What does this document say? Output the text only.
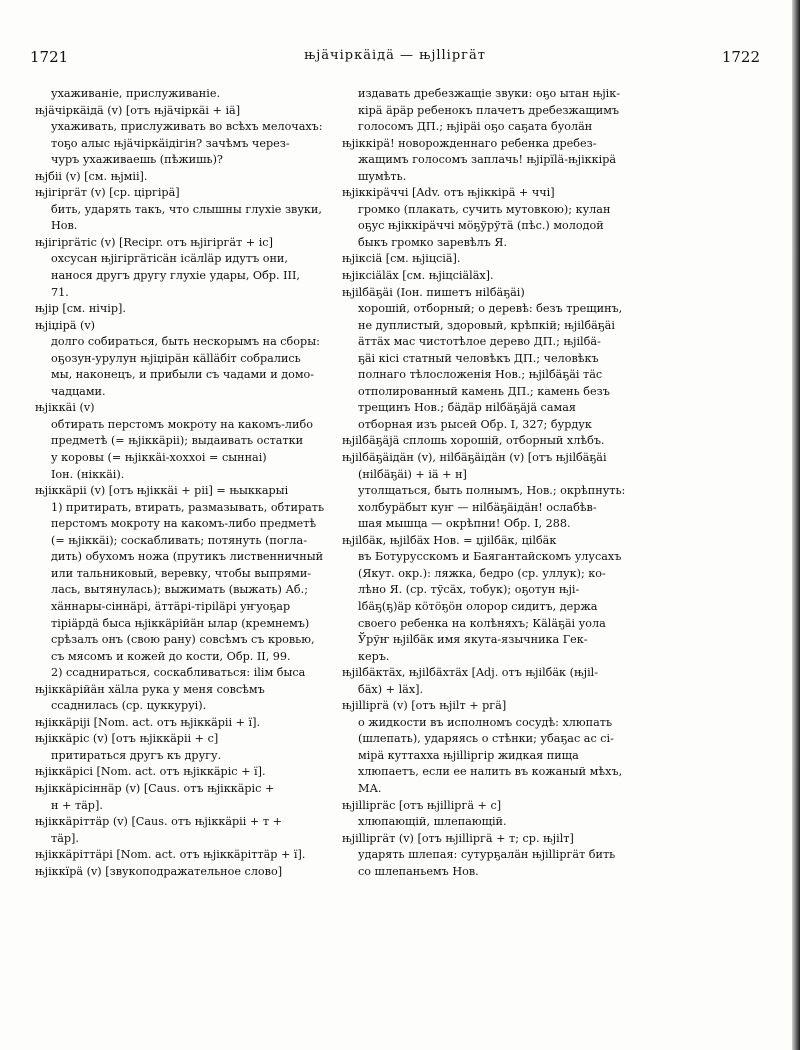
1721	њјäчіркäідä — њјlliргäт	1722
ухаживаніе, прислуживаніе.
њјäчіркäідä (v) [отъ њјäчіркäі + іä]
ухаживать, прислуживать во всѣхъ мелочахъ:
тоҕо алыс њјäчіркäідігін? зачѣмъ через-
чуръ ухаживаешь (пѣжишь)?
њјбіі (v) [см. њјміі].
њјігіргäт (v) [ср. ціргірä]
бить, ударять такъ, что слышны глухіе звуки,
Нов.
њјігіргäтіс (v) [Recipr. отъ њјігіргäт + іс]
охсусан њјігіргäтісäн ісäлläр идутъ они,
нанося другъ другу глухіе удары, Обр. III,
71.
њјір [см. нічір].
њјіџірä (v)
долго собираться, быть нескорымъ на сборы:
оҕозун-урулун њјіџірäн кälläбіт собрались
мы, наконецъ, и прибыли съ чадами и домо-
чадцами.
њјіккäі (v)
обтирать перстомъ мокроту на какомъ-либо
предметѣ (= њјіккäріі); выдаивать остатки
у коровы (= њјіккäі-хоххоі = сыннаі)
Іон. (ніккäі).
њјіккäріі (v) [отъ њјіккäі + ріі] = њыккарыі
1) притирать, втирать, размазывать, обтирать
перстомъ мокроту на какомъ-либо предметѣ
(= њјіккäі); соскабливать; потянуть (погла-
дить) обухомъ ножа (прутикъ лиственничный
или тальниковый, веревку, чтобы выпрями-
лась, вытянулась); выжимать (выжать) Аб.;
хäннары-сіннäрі, äттäрі-тіріläрі уҥуоҕар
тіріäрдä быса њјіккäрійäн ылар (кремнемъ)
срѣзалъ онъ (свою рану) совсѣмъ съ кровью,
съ мясомъ и кожей до кости, Обр. II, 99.
2) ссаднираться, соскабливаться: ilім быса
њјіккäрійäн хälла рука у меня совсѣмъ
ссаднилась (ср. цуккуруі).
њјіккäріјі [Nom. act. отъ њјіккäріі + ї].
њјіккäріс (v) [отъ њјіккäріі + с]
притираться другъ къ другу.
њјіккäрісі [Nom. act. отъ њјіккäріс + ї].
њјіккäрісіннäр (v) [Caus. отъ њјіккäріс +
н + тäр].
њјіккäріттäр (v) [Caus. отъ њјіккäріі + т +
тäр].
њјіккäріттäрі [Nom. act. отъ њјіккäріттäр + ї].
њјіккїрä (v) [звукоподражательное слово]
издавать дребезжащіе звуки: оҕо ытан њјік-
кірä äрäр ребенокъ плачетъ дребезжащимъ
голосомъ ДП.; њјірäі оҕо саҕата буолäн
њјіккірä! новорожденнаго ребенка дребез-
жащимъ голосомъ заплачь! њјірїlä-њјіккірä
шумѣть.
њјіккірäччі [Adv. отъ њјіккірä + ччі]
громко (плакать, сучить мутовкою); кулан
оҕус њјіккірäччі мöҕўрўтä (пѣс.) молодой
быкъ громко заревѣлъ Я.
њјіксіä [см. њјіцсіä].
њјіксіäläх [см. њјіцсіäläх].
њјіlбäҕäі (Іон. пишетъ нilбäҕäі)
хорошій, отборный; о деревѣ: безъ трещинъ,
не дуплистый, здоровый, крѣпкій; њјіlбäҕäі
äттäх мас чистотѣлое дерево ДП.; њјіlбä-
ҕäі кісі статный человѣкъ ДП.; человѣкъ
полнаго тѣлосложенія Нов.; њјіlбäҕäі тäс
отполированный камень ДП.; камень безъ
трещинъ Нов.; бäдäр нilбäҕäјä самая
отборная изъ рысей Обр. I, 327; бурдук
њјіlбäҕäјä сплошь хорошій, отборный хлѣбъ.
њјіlбäҕäідäн (v), нilбäҕäідäн (v) [отъ њјіlбäҕäі
(нilбäҕäі) + іä + н]
утолщаться, быть полнымъ, Нов.; окрѣпнуть:
холбурäбыт куҥ — нilбäҕäідäн! ослабѣв-
шая мышца — окрѣпни! Обр. I, 288.
њјіlбäк, њјіlбäх Нов. = џјіlбäк, ціlбäк
въ Ботурусскомъ и Баягантайскомъ улусахъ
(Якут. окр.): ляжка, бедро (ср. уллук); ко-
лѣно Я. (ср. тўсäх, тобук); оҕотун њјі-
lбäҕ(ҕ)äр кöтöҕöн олорор сидитъ, держа
своего ребенка на колѣняхъ; Кäläҕäі уола
Ўрўҥ њјіlбäк имя якута-язычника Гек-
керъ.
њјіlбäктäх, њјіlбäхтäх [Adj. отъ њјіlбäк (њјіl-
бäх) + läх].
њјіlliргä (v) [отъ њјіlт + ргä]
о жидкости въ исполномъ сосудѣ: хлюпать
(шлепать), ударяясь о стѣнки; убаҕас ас сі-
мірä куттахха њјіlliргір жидкая пища
хлюпаетъ, если ее налить въ кожаный мѣхъ,
МА.
њјіlliргäс [отъ њјіlliргä + с]
хлюпающій, шлепающій.
њјіlliргäт (v) [отъ њјіlliргä + т; ср. њјіlт]
ударять шлепая: сутурҕалäн њјіlliргäт бить
со шлепаньемъ Нов.
